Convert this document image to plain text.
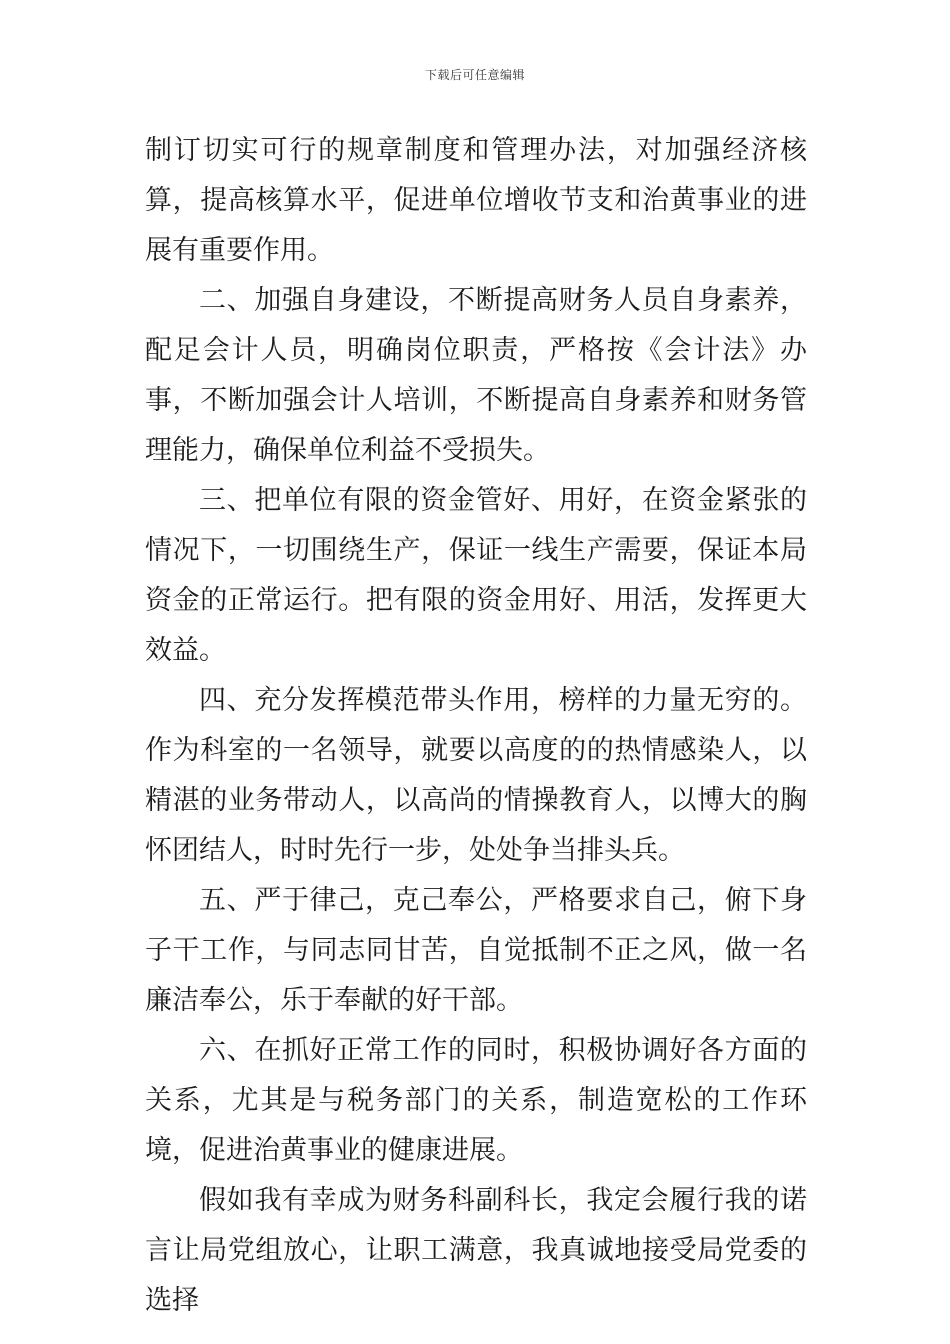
下载后可任意编辑

制订切实可行的规章制度和管理办法，对加强经济核算，提高核算水平，促进单位增收节支和治黄事业的进展有重要作用。

二、加强自身建设，不断提高财务人员自身素养，配足会计人员，明确岗位职责，严格按《会计法》办事，不断加强会计人培训，不断提高自身素养和财务管理能力，确保单位利益不受损失。

三、把单位有限的资金管好、用好，在资金紧张的情况下，一切围绕生产，保证一线生产需要，保证本局资金的正常运行。把有限的资金用好、用活，发挥更大效益。

四、充分发挥模范带头作用，榜样的力量无穷的。作为科室的一名领导，就要以高度的的热情感染人，以精湛的业务带动人，以高尚的情操教育人，以博大的胸怀团结人，时时先行一步，处处争当排头兵。

五、严于律己，克己奉公，严格要求自己，俯下身子干工作，与同志同甘苦，自觉抵制不正之风，做一名廉洁奉公，乐于奉献的好干部。

六、在抓好正常工作的同时，积极协调好各方面的关系，尤其是与税务部门的关系，制造宽松的工作环境，促进治黄事业的健康进展。

假如我有幸成为财务科副科长，我定会履行我的诺言让局党组放心，让职工满意，我真诚地接受局党委的选择
